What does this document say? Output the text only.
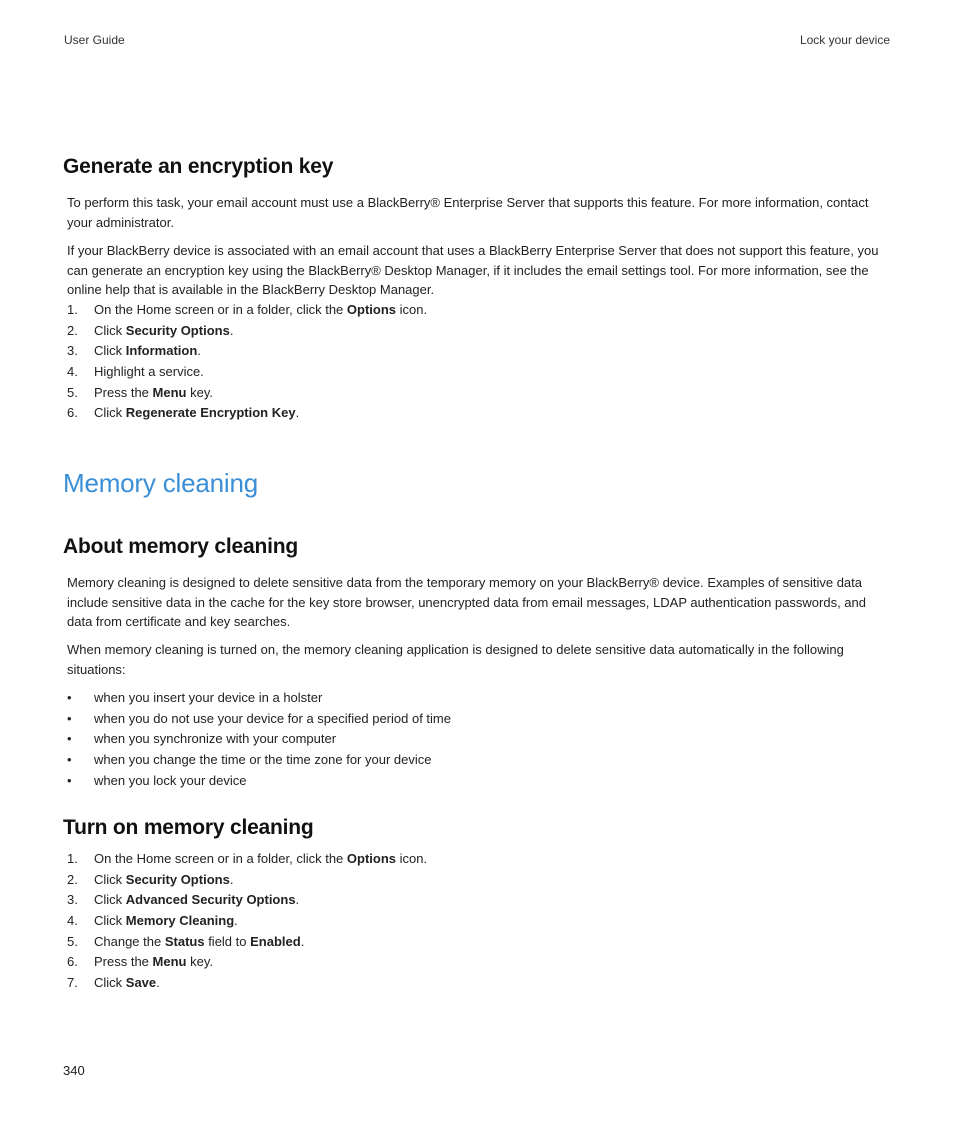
User Guide	Lock your device
Generate an encryption key

To perform this task, your email account must use a BlackBerry® Enterprise Server that supports this feature. For more information, contact your administrator.

If your BlackBerry device is associated with an email account that uses a BlackBerry Enterprise Server that does not support this feature, you can generate an encryption key using the BlackBerry® Desktop Manager, if it includes the email settings tool. For more information, see the online help that is available in the BlackBerry Desktop Manager.

1. On the Home screen or in a folder, click the Options icon.
2. Click Security Options.
3. Click Information.
4. Highlight a service.
5. Press the Menu key.
6. Click Regenerate Encryption Key.
Memory cleaning
About memory cleaning

Memory cleaning is designed to delete sensitive data from the temporary memory on your BlackBerry® device. Examples of sensitive data include sensitive data in the cache for the key store browser, unencrypted data from email messages, LDAP authentication passwords, and data from certificate and key searches.

When memory cleaning is turned on, the memory cleaning application is designed to delete sensitive data automatically in the following situations:

• when you insert your device in a holster
• when you do not use your device for a specified period of time
• when you synchronize with your computer
• when you change the time or the time zone for your device
• when you lock your device
Turn on memory cleaning
1. On the Home screen or in a folder, click the Options icon.
2. Click Security Options.
3. Click Advanced Security Options.
4. Click Memory Cleaning.
5. Change the Status field to Enabled.
6. Press the Menu key.
7. Click Save.
340
